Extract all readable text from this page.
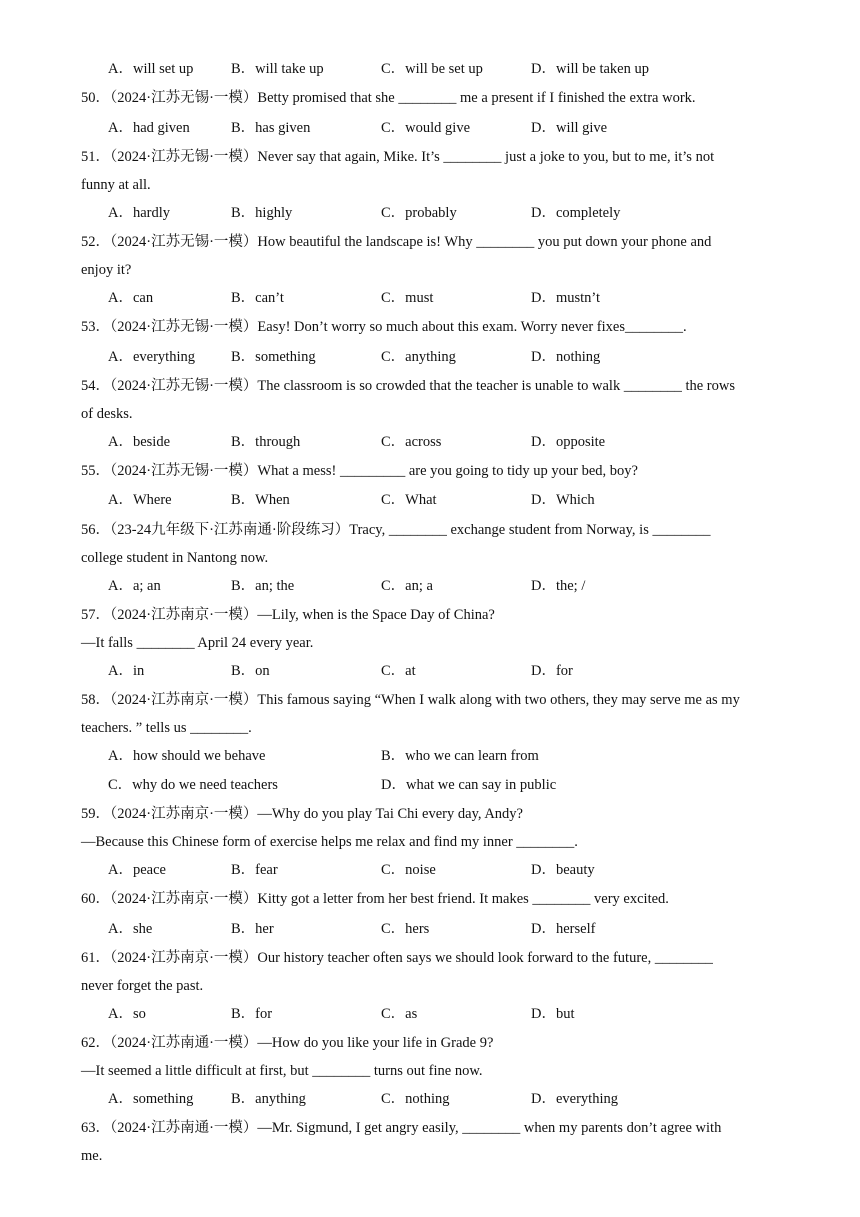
A．will set up	B．will take up	C．will be set up	D．will be taken up
50．（2024·江苏无锡·一模）Betty promised that she ________ me a present if I finished the extra work.
A．had given	B．has given	C．would give	D．will give
51．（2024·江苏无锡·一模）Never say that again, Mike. It’s ________ just a joke to you, but to me, it’s not
funny at all.
A．hardly	B．highly	C．probably	D．completely
52．（2024·江苏无锡·一模）How beautiful the landscape is! Why ________ you put down your phone and
enjoy it?
A．can	B．can’t	C．must	D．mustn’t
53．（2024·江苏无锡·一模）Easy! Don’t worry so much about this exam. Worry never fixes________.
A．everything B．something	C．anything	D．nothing
54．（2024·江苏无锡·一模）The classroom is so crowded that the teacher is unable to walk ________ the rows
of desks.
A．beside	B．through	C．across	D．opposite
55．（2024·江苏无锡·一模）What a mess! _________ are you going to tidy up your bed, boy?
A．Where	B．When	C．What	D．Which
56．（23-24九年级下·江苏南通·阶段练习）Tracy, ________ exchange student from Norway, is ________
college student in Nantong now.
A．a; an	B．an; the	C．an; a	D．the; /
57．（2024·江苏南京·一模）—Lily, when is the Space Day of China?
—It falls ________ April 24 every year.
A．in	B．on	C．at	D．for
58．（2024·江苏南京·一模）This famous saying “When I walk along with two others, they may serve me as my
teachers. ” tells us ________.
A．how should we behave	B．who we can learn from
C．why do we need teachers	D．what we can say in public
59．（2024·江苏南京·一模）—Why do you play Tai Chi every day, Andy?
—Because this Chinese form of exercise helps me relax and find my inner ________.
A．peace	B．fear	C．noise	D．beauty
60．（2024·江苏南京·一模）Kitty got a letter from her best friend. It makes ________ very excited.
A．she	B．her	C．hers	D．herself
61．（2024·江苏南京·一模）Our history teacher often says we should look forward to the future, ________
never forget the past.
A．so	B．for	C．as	D．but
62．（2024·江苏南通·一模）—How do you like your life in Grade 9?
—It seemed a little difficult at first, but ________ turns out fine now.
A．something	B．anything	C．nothing	D．everything
63．（2024·江苏南通·一模）—Mr. Sigmund, I get angry easily, ________ when my parents don’t agree with
me.
